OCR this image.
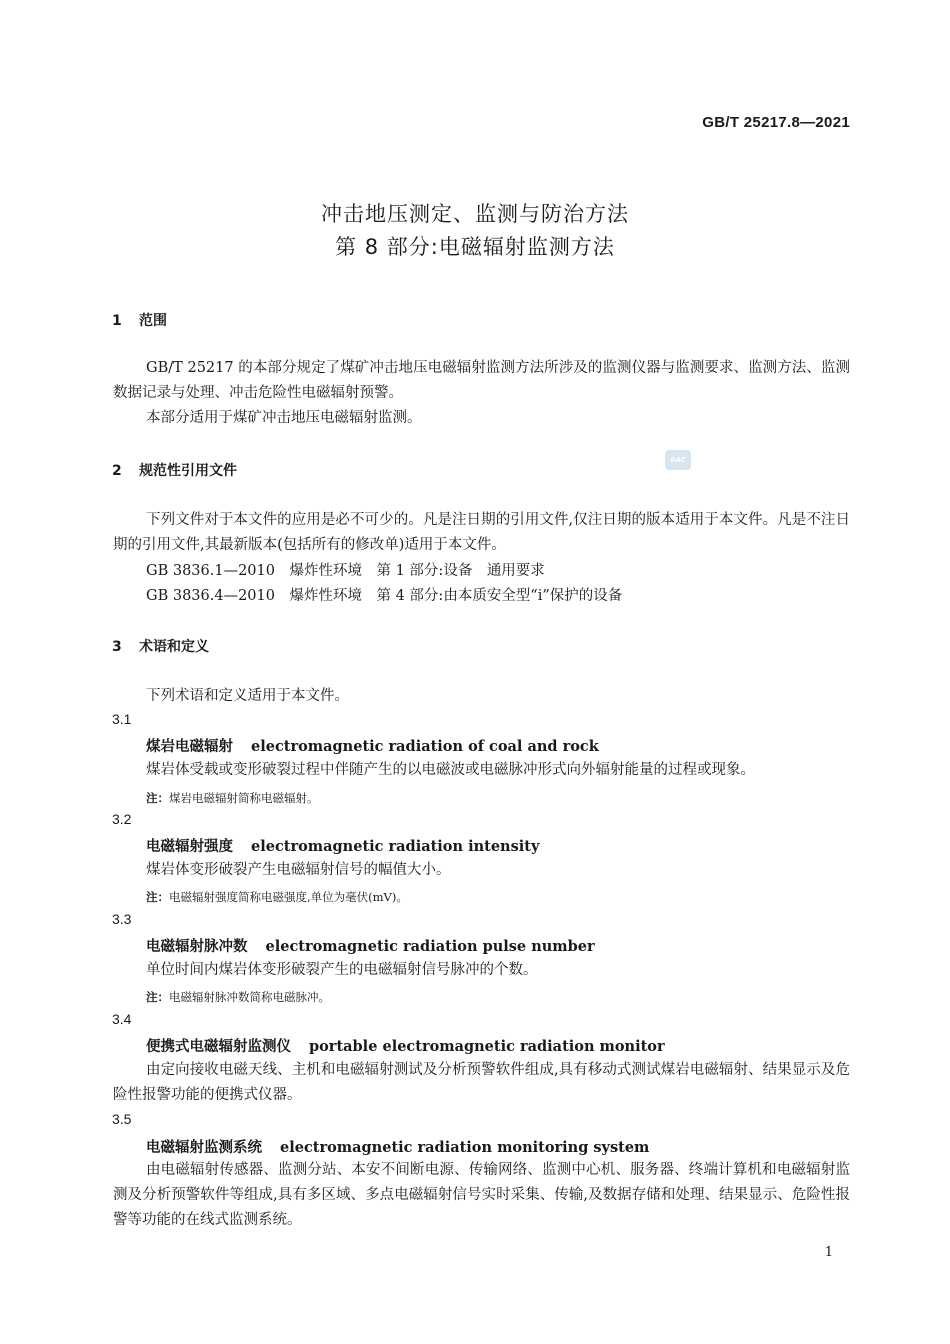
GB/T 25217.8—2021
冲击地压测定、监测与防治方法
第 8 部分:电磁辐射监测方法
1 范围
GB/T 25217 的本部分规定了煤矿冲击地压电磁辐射监测方法所涉及的监测仪器与监测要求、监测方法、监测数据记录与处理、冲击危险性电磁辐射预警。
本部分适用于煤矿冲击地压电磁辐射监测。
SAC
2 规范性引用文件
下列文件对于本文件的应用是必不可少的。凡是注日期的引用文件,仅注日期的版本适用于本文件。凡是不注日期的引用文件,其最新版本(包括所有的修改单)适用于本文件。
GB 3836.1—2010　爆炸性环境　第 1 部分:设备　通用要求
GB 3836.4—2010　爆炸性环境　第 4 部分:由本质安全型“i”保护的设备
3 术语和定义
下列术语和定义适用于本文件。
3.1
煤岩电磁辐射 electromagnetic radiation of coal and rock
煤岩体受载或变形破裂过程中伴随产生的以电磁波或电磁脉冲形式向外辐射能量的过程或现象。
注：煤岩电磁辐射简称电磁辐射。
3.2
电磁辐射强度 electromagnetic radiation intensity
煤岩体变形破裂产生电磁辐射信号的幅值大小。
注：电磁辐射强度简称电磁强度,单位为毫伏(mV)。
3.3
电磁辐射脉冲数 electromagnetic radiation pulse number
单位时间内煤岩体变形破裂产生的电磁辐射信号脉冲的个数。
注：电磁辐射脉冲数简称电磁脉冲。
3.4
便携式电磁辐射监测仪 portable electromagnetic radiation monitor
由定向接收电磁天线、主机和电磁辐射测试及分析预警软件组成,具有移动式测试煤岩电磁辐射、结果显示及危险性报警功能的便携式仪器。
3.5
电磁辐射监测系统 electromagnetic radiation monitoring system
由电磁辐射传感器、监测分站、本安不间断电源、传输网络、监测中心机、服务器、终端计算机和电磁辐射监测及分析预警软件等组成,具有多区域、多点电磁辐射信号实时采集、传输,及数据存储和处理、结果显示、危险性报警等功能的在线式监测系统。
1
